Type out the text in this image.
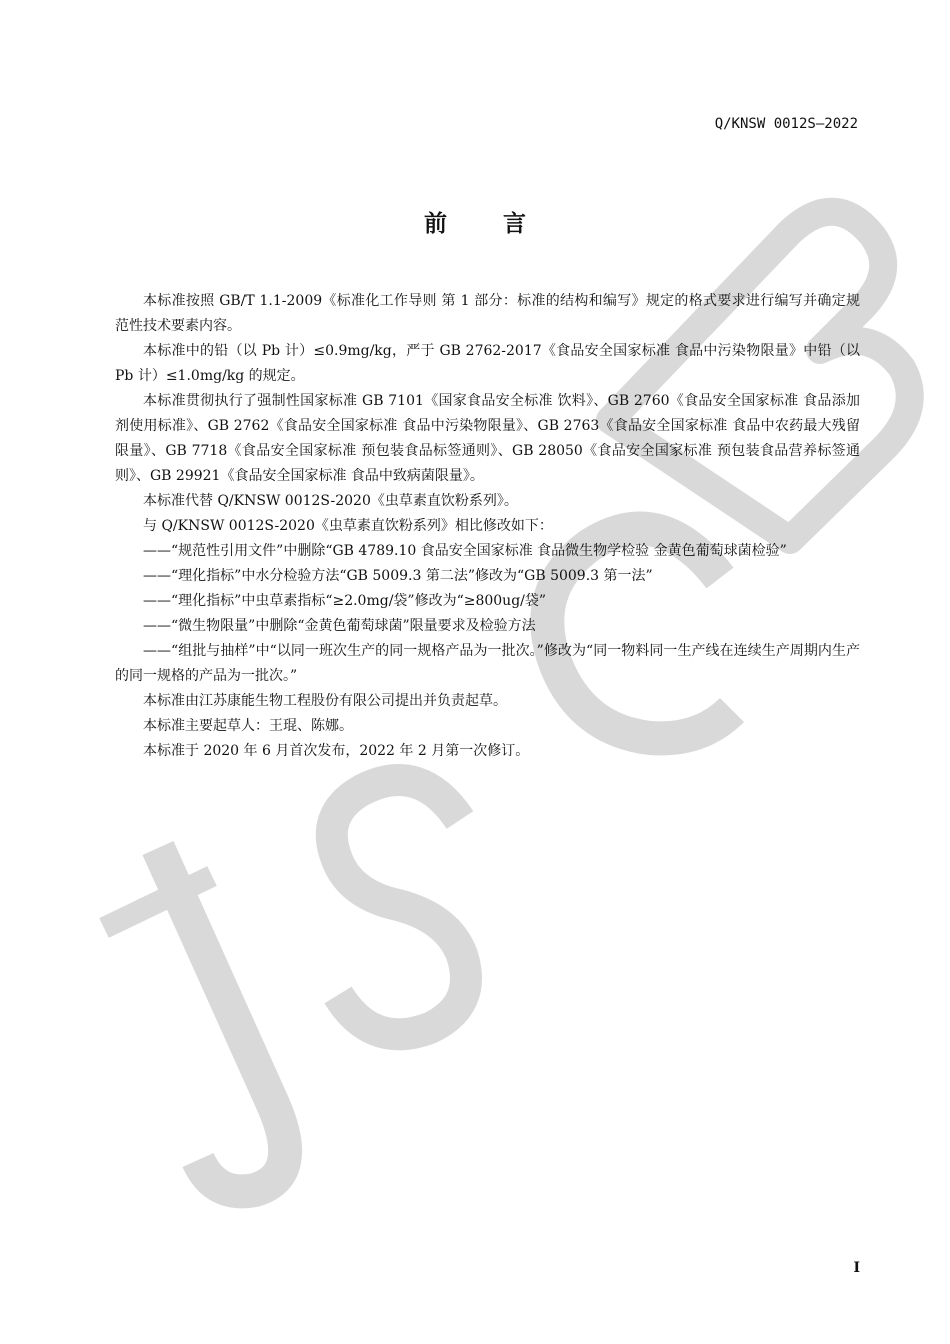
Q/KNSW 0012S—2022
前言

本标准按照 GB/T 1.1-2009《标准化工作导则 第 1 部分：标准的结构和编写》规定的格式要求进行编写并确定规范性技术要素内容。

本标准中的铅（以 Pb 计）≤0.9mg/kg，严于 GB 2762-2017《食品安全国家标准 食品中污染物限量》中铅（以 Pb 计）≤1.0mg/kg 的规定。

本标准贯彻执行了强制性国家标准 GB 7101《国家食品安全标准 饮料》、GB 2760《食品安全国家标准 食品添加剂使用标准》、GB 2762《食品安全国家标准 食品中污染物限量》、GB 2763《食品安全国家标准 食品中农药最大残留限量》、GB 7718《食品安全国家标准 预包装食品标签通则》、GB 28050《食品安全国家标准 预包装食品营养标签通则》、GB 29921《食品安全国家标准 食品中致病菌限量》。

本标准代替 Q/KNSW 0012S-2020《虫草素直饮粉系列》。

与 Q/KNSW 0012S-2020《虫草素直饮粉系列》相比修改如下：

——“规范性引用文件”中删除“GB 4789.10 食品安全国家标准 食品微生物学检验 金黄色葡萄球菌检验”

——“理化指标”中水分检验方法“GB 5009.3 第二法”修改为“GB 5009.3 第一法”

——“理化指标”中虫草素指标“≥2.0mg/袋”修改为“≥800ug/袋”

——“微生物限量”中删除“金黄色葡萄球菌”限量要求及检验方法

——“组批与抽样”中“以同一班次生产的同一规格产品为一批次。”修改为“同一物料同一生产线在连续生产周期内生产的同一规格的产品为一批次。”

本标准由江苏康能生物工程股份有限公司提出并负责起草。

本标准主要起草人：王琨、陈娜。

本标准于 2020 年 6 月首次发布，2022 年 2 月第一次修订。

I
